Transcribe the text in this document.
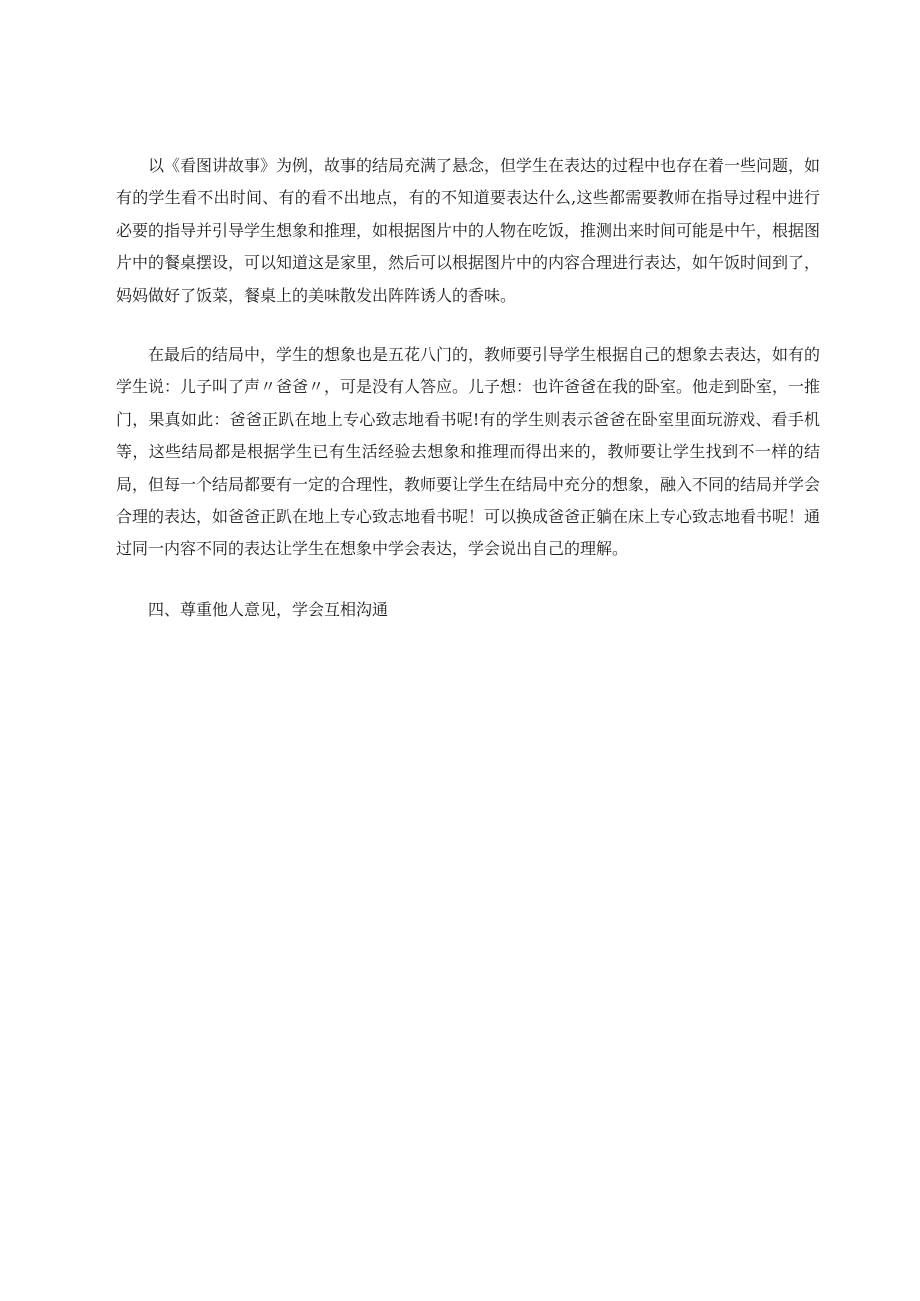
以《看图讲故事》为例，故事的结局充满了悬念，但学生在表达的过程中也存在着一些问题，如有的学生看不出时间、有的看不出地点，有的不知道要表达什么,这些都需要教师在指导过程中进行必要的指导并引导学生想象和推理，如根据图片中的人物在吃饭，推测出来时间可能是中午，根据图片中的餐桌摆设，可以知道这是家里，然后可以根据图片中的内容合理进行表达，如午饭时间到了，妈妈做好了饭菜，餐桌上的美味散发出阵阵诱人的香味。

在最后的结局中，学生的想象也是五花八门的，教师要引导学生根据自己的想象去表达，如有的学生说：儿子叫了声〃爸爸〃，可是没有人答应。儿子想：也许爸爸在我的卧室。他走到卧室，一推门，果真如此：爸爸正趴在地上专心致志地看书呢!有的学生则表示爸爸在卧室里面玩游戏、看手机等，这些结局都是根据学生已有生活经验去想象和推理而得出来的，教师要让学生找到不一样的结局，但每一个结局都要有一定的合理性，教师要让学生在结局中充分的想象，融入不同的结局并学会合理的表达，如爸爸正趴在地上专心致志地看书呢！可以换成爸爸正躺在床上专心致志地看书呢！通过同一内容不同的表达让学生在想象中学会表达，学会说出自己的理解。

四、尊重他人意见，学会互相沟通
